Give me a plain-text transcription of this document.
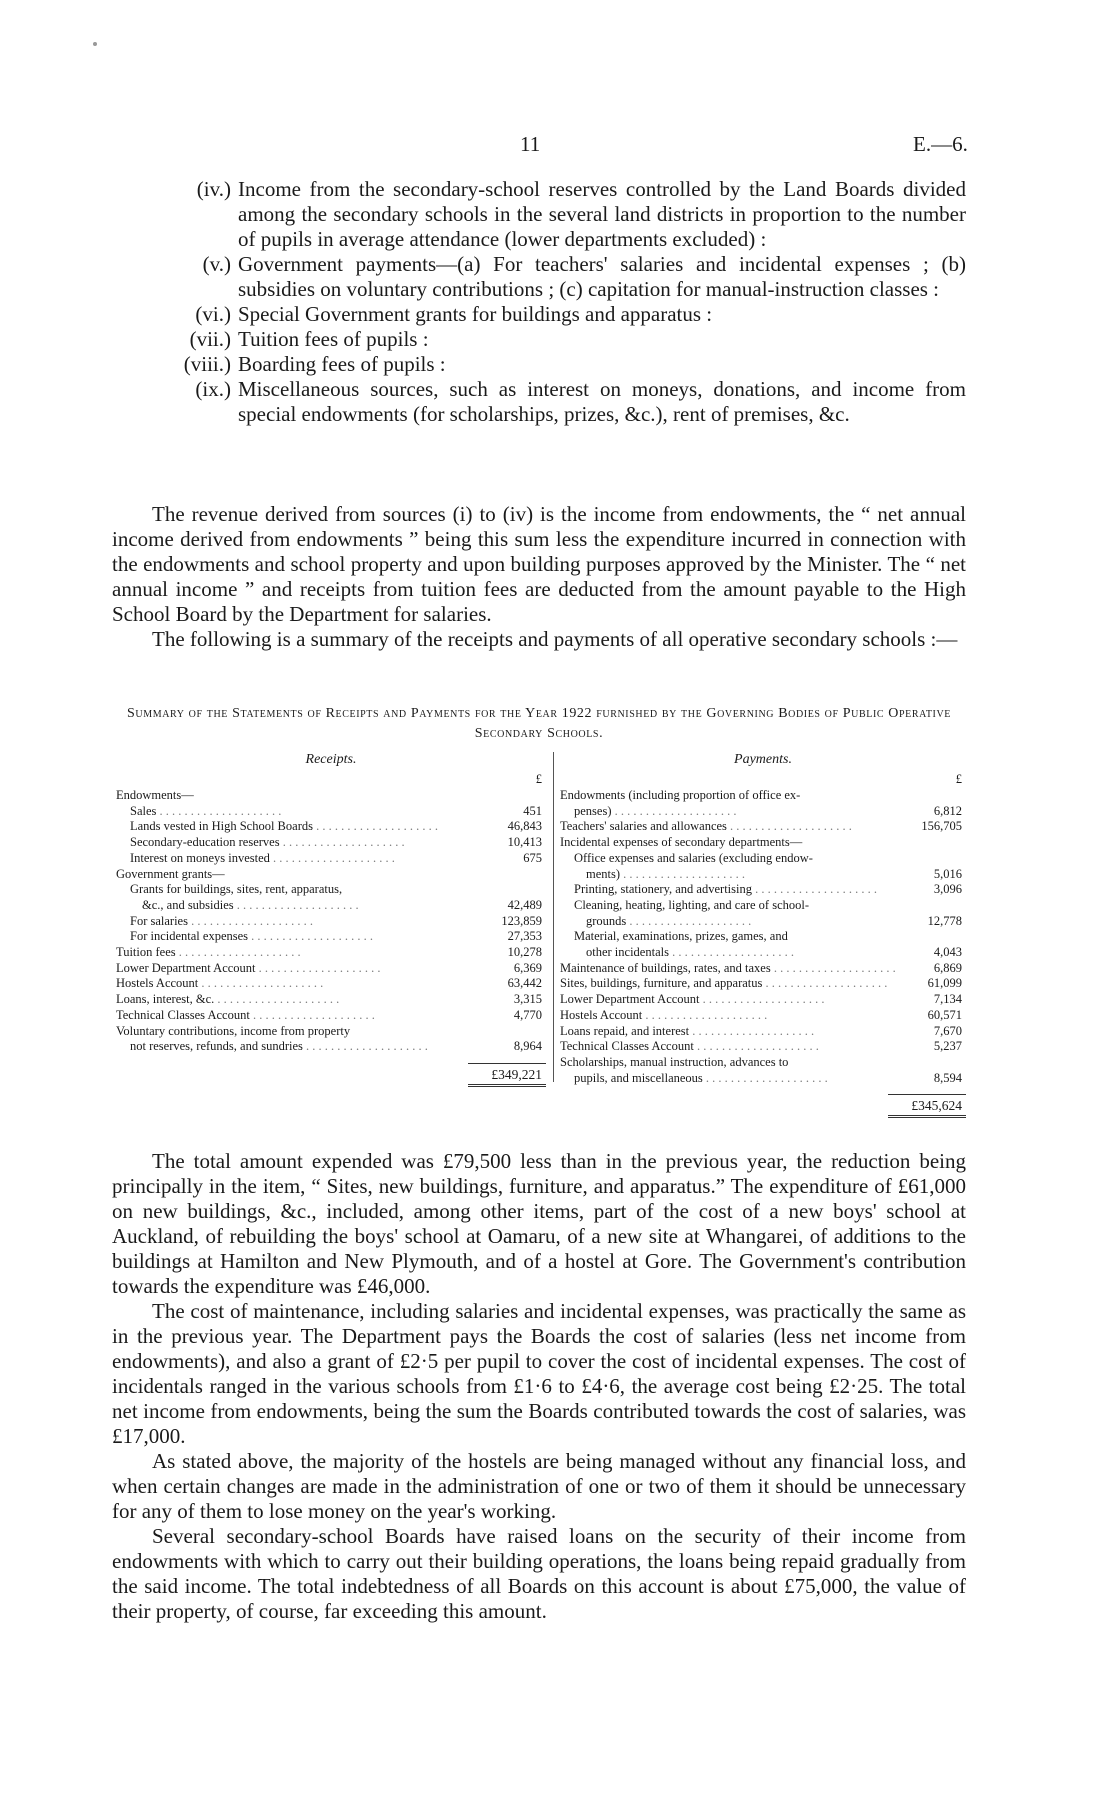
11	E.—6.
(iv.) Income from the secondary-school reserves controlled by the Land Boards divided among the secondary schools in the several land districts in proportion to the number of pupils in average attendance (lower departments excluded) :
(v.) Government payments—(a) For teachers' salaries and incidental expenses ; (b) subsidies on voluntary contributions ; (c) capitation for manual-instruction classes :
(vi.) Special Government grants for buildings and apparatus :
(vii.) Tuition fees of pupils :
(viii.) Boarding fees of pupils :
(ix.) Miscellaneous sources, such as interest on moneys, donations, and income from special endowments (for scholarships, prizes, &c.), rent of premises, &c.

The revenue derived from sources (i) to (iv) is the income from endowments, the “ net annual income derived from endowments ” being this sum less the expenditure incurred in connection with the endowments and school property and upon building purposes approved by the Minister. The “ net annual income ” and receipts from tuition fees are deducted from the amount payable to the High School Board by the Department for salaries.

The following is a summary of the receipts and payments of all operative secondary schools :—

Summary of the Statements of Receipts and Payments for the Year 1922 furnished by the Governing Bodies of Public Operative Secondary Schools.
Receipts.
£
Endowments—
Sales . . . . . . . . . . . . . . . . . . . .	451
Lands vested in High School Boards . . . . . . . . . . . . . . . . . . . .	46,843
Secondary-education reserves . . . . . . . . . . . . . . . . . . . .	10,413
Interest on moneys invested . . . . . . . . . . . . . . . . . . . .	675
Government grants—
Grants for buildings, sites, rent, apparatus,
&c., and subsidies . . . . . . . . . . . . . . . . . . . .	42,489
For salaries . . . . . . . . . . . . . . . . . . . .	123,859
For incidental expenses . . . . . . . . . . . . . . . . . . . .	27,353
Tuition fees . . . . . . . . . . . . . . . . . . . .	10,278
Lower Department Account . . . . . . . . . . . . . . . . . . . .	6,369
Hostels Account . . . . . . . . . . . . . . . . . . . .	63,442
Loans, interest, &c. . . . . . . . . . . . . . . . . . . . .	3,315
Technical Classes Account . . . . . . . . . . . . . . . . . . . .	4,770
Voluntary contributions, income from property
not reserves, refunds, and sundries . . . . . . . . . . . . . . . . . . . .	8,964
£349,221
Payments.
£
Endowments (including proportion of office ex-
penses) . . . . . . . . . . . . . . . . . . . .	6,812
Teachers' salaries and allowances . . . . . . . . . . . . . . . . . . . .	156,705
Incidental expenses of secondary departments—
Office expenses and salaries (excluding endow-
ments) . . . . . . . . . . . . . . . . . . . .	5,016
Printing, stationery, and advertising . . . . . . . . . . . . . . . . . . . .	3,096
Cleaning, heating, lighting, and care of school-
grounds . . . . . . . . . . . . . . . . . . . .	12,778
Material, examinations, prizes, games, and
other incidentals . . . . . . . . . . . . . . . . . . . .	4,043
Maintenance of buildings, rates, and taxes . . . . . . . . . . . . . . . . . . . .	6,869
Sites, buildings, furniture, and apparatus . . . . . . . . . . . . . . . . . . . .	61,099
Lower Department Account . . . . . . . . . . . . . . . . . . . .	7,134
Hostels Account . . . . . . . . . . . . . . . . . . . .	60,571
Loans repaid, and interest . . . . . . . . . . . . . . . . . . . .	7,670
Technical Classes Account . . . . . . . . . . . . . . . . . . . .	5,237
Scholarships, manual instruction, advances to
pupils, and miscellaneous . . . . . . . . . . . . . . . . . . . .	8,594
£345,624

The total amount expended was £79,500 less than in the previous year, the reduction being principally in the item, “ Sites, new buildings, furniture, and apparatus.” The expenditure of £61,000 on new buildings, &c., included, among other items, part of the cost of a new boys' school at Auckland, of rebuilding the boys' school at Oamaru, of a new site at Whangarei, of additions to the buildings at Hamilton and New Plymouth, and of a hostel at Gore. The Government's contribution towards the expenditure was £46,000.

The cost of maintenance, including salaries and incidental expenses, was practically the same as in the previous year. The Department pays the Boards the cost of salaries (less net income from endowments), and also a grant of £2·5 per pupil to cover the cost of incidental expenses. The cost of incidentals ranged in the various schools from £1·6 to £4·6, the average cost being £2·25. The total net income from endowments, being the sum the Boards contributed towards the cost of salaries, was £17,000.

As stated above, the majority of the hostels are being managed without any financial loss, and when certain changes are made in the administration of one or two of them it should be unnecessary for any of them to lose money on the year's working.

Several secondary-school Boards have raised loans on the security of their income from endowments with which to carry out their building operations, the loans being repaid gradually from the said income. The total indebtedness of all Boards on this account is about £75,000, the value of their property, of course, far exceeding this amount.
